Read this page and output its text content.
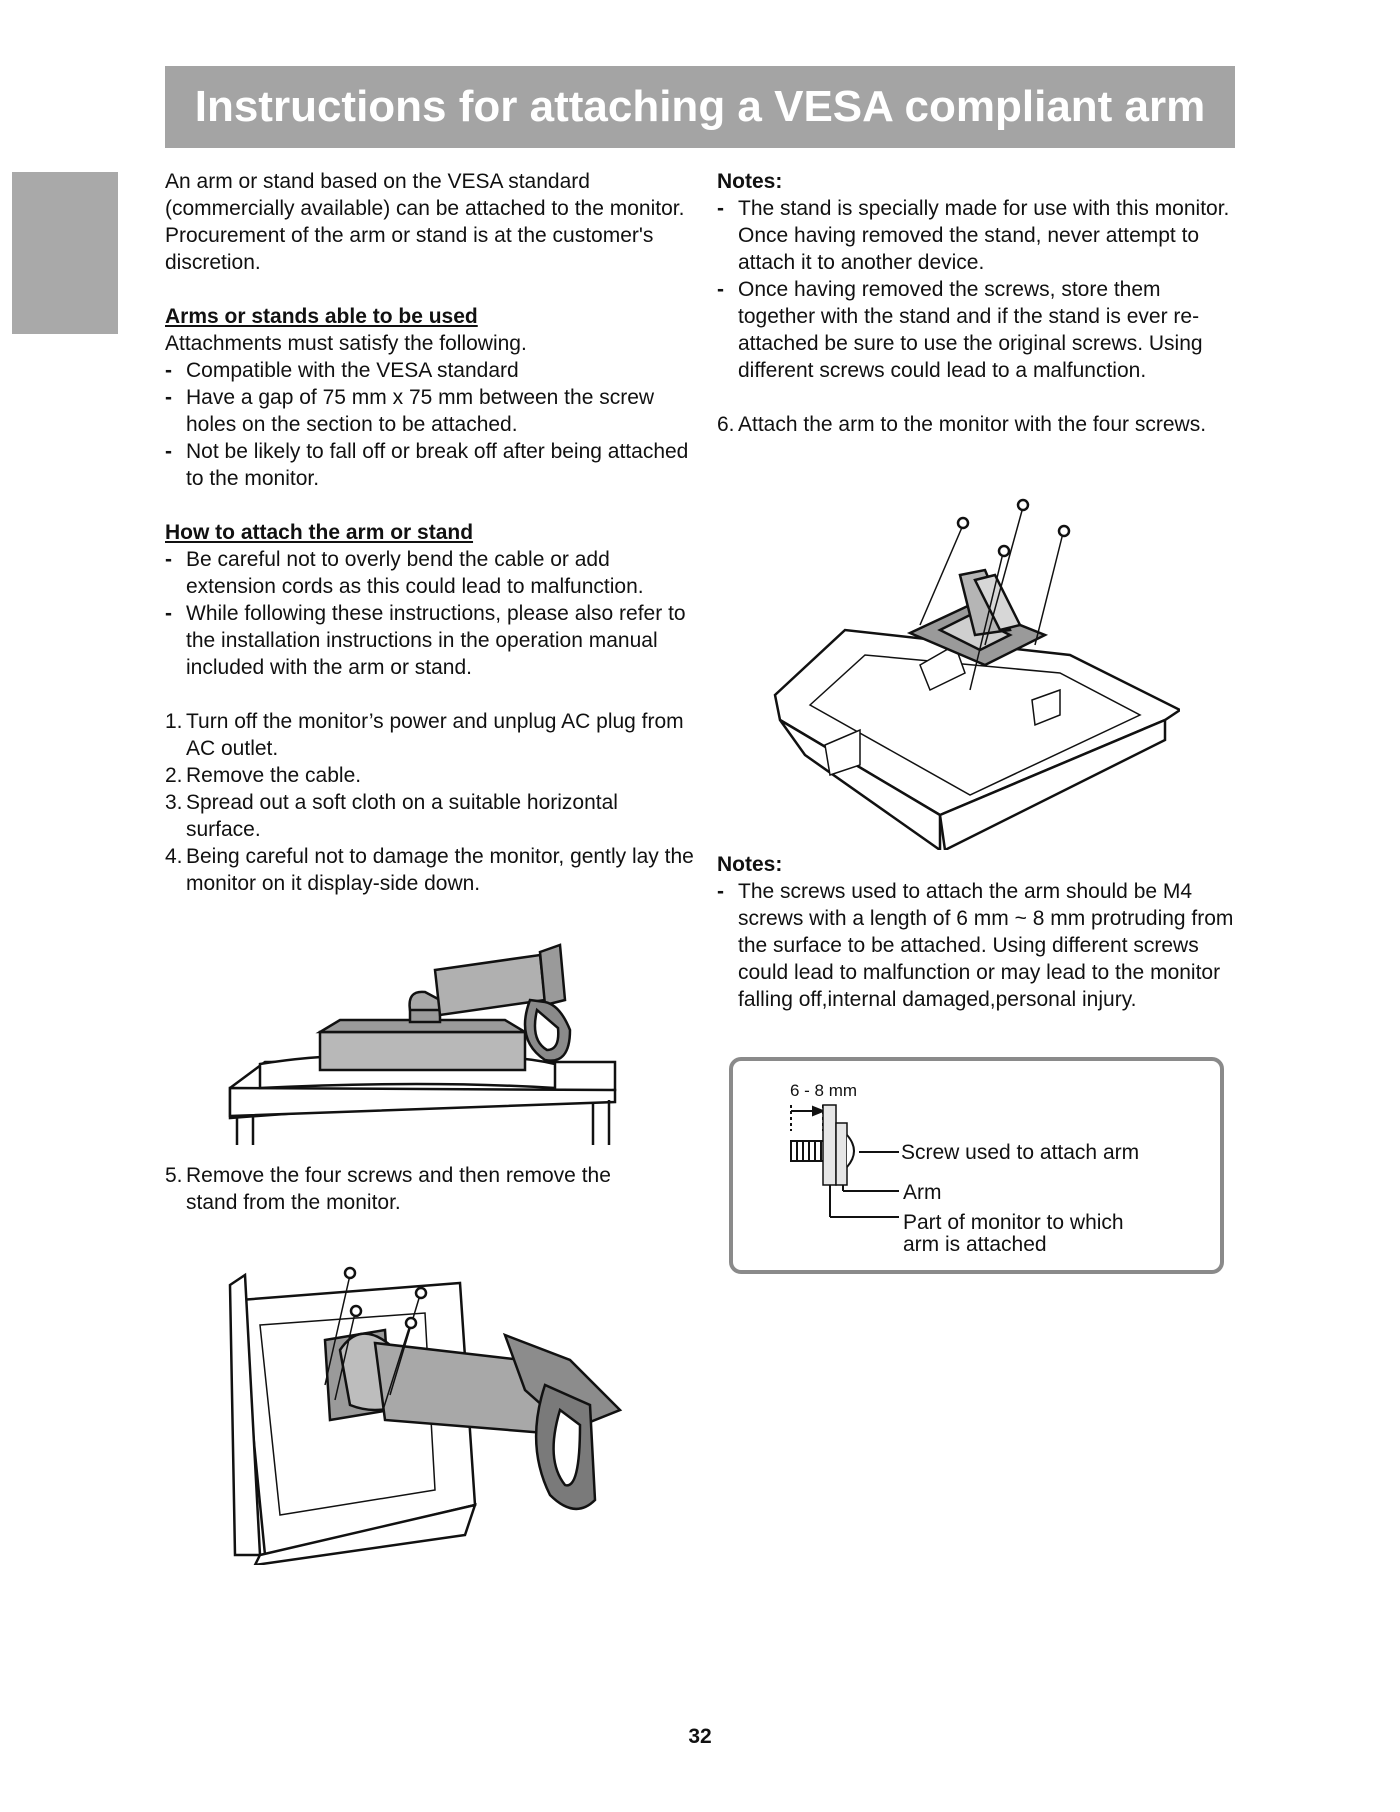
Instructions for attaching a VESA compliant arm

An arm or stand based on the VESA standard (commercially available) can be attached to the monitor.

Procurement of the arm or stand is at the customer's discretion.

Arms or stands able to be used

Attachments must satisfy the following.

- Compatible with the VESA standard
- Have a gap of 75 mm x 75 mm between the screw holes on the section to be attached.
- Not be likely to fall off or break off after being attached to the monitor.

How to attach the arm or stand

- Be careful not to overly bend the cable or add extension cords as this could lead to malfunction.
- While following these instructions, please also refer to the installation instructions in the operation manual included with the arm or stand.
1. Turn off the monitor’s power and unplug AC plug from AC outlet.
2. Remove the cable.
3. Spread out a soft cloth on a suitable horizontal surface.
4. Being careful not to damage the monitor, gently lay the monitor on it display-side down.
5. Remove the four screws and then remove the stand from the monitor.

Notes:

- The stand is specially made for use with this monitor. Once having removed the stand, never attempt to attach it to another device.
- Once having removed the screws, store them together with the stand and if the stand is ever re-attached be sure to use the original screws. Using different screws could lead to a malfunction.
6. Attach the arm to the monitor with the four screws.

Notes:

- The screws used to attach the arm should be M4 screws with a length of 6 mm ~ 8 mm protruding from the surface to be attached. Using different screws could lead to malfunction or may lead to the monitor falling off,internal damaged,personal injury.
6 - 8 mm
Screw used to attach arm
Arm
Part of monitor to which
arm is attached
32
